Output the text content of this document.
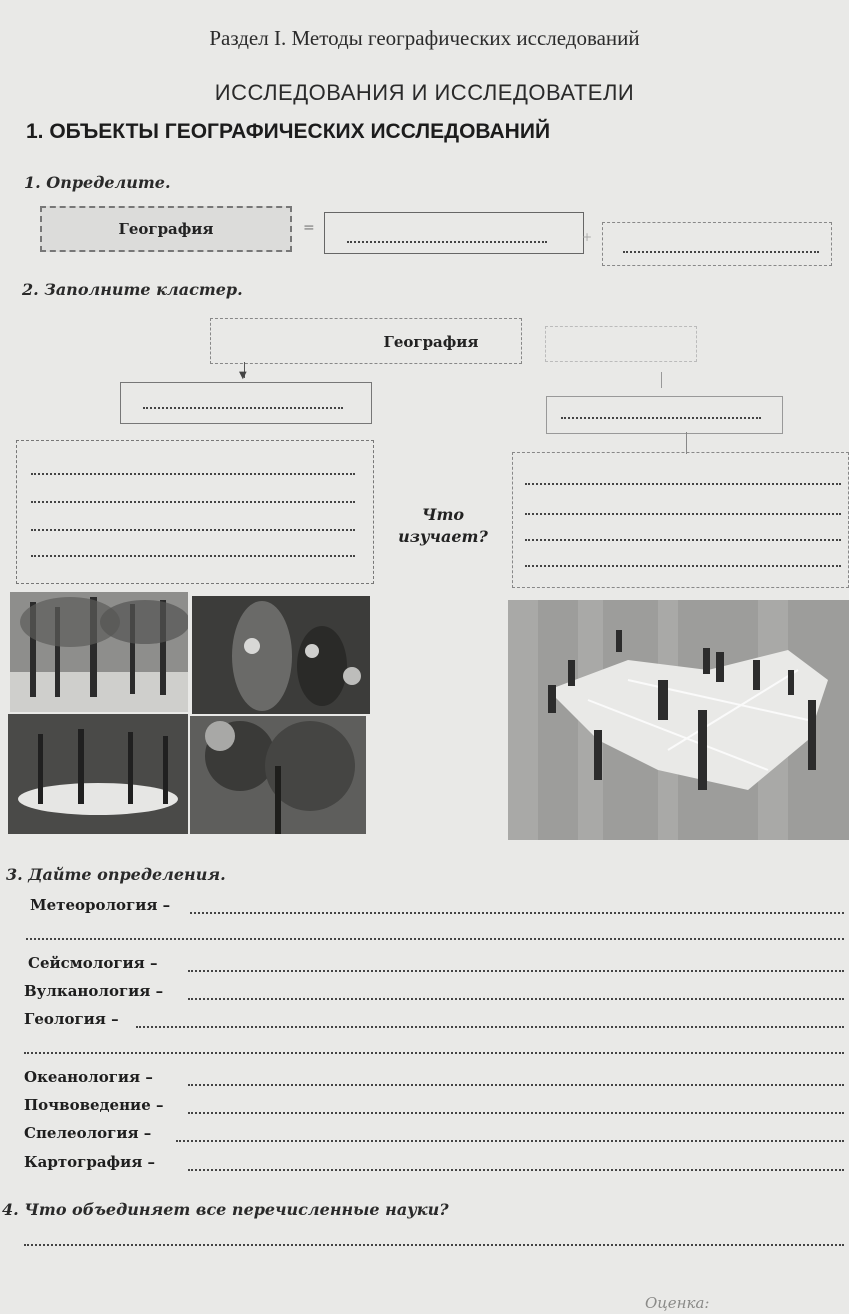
Раздел I. Методы географических исследований
ИССЛЕДОВАНИЯ И ИССЛЕДОВАТЕЛИ
1. ОБЪЕКТЫ ГЕОГРАФИЧЕСКИХ ИССЛЕДОВАНИЙ
1. Определите.
География	=
+
2. Заполните кластер.
География
▼
Что изучает?
3. Дайте определения.
Метеорология –
Сейсмология –
Вулканология –
Геология –
Океанология –
Почвоведение –
Спелеология –
Картография –
4. Что объединяет все перечисленные науки?
Оценка:
